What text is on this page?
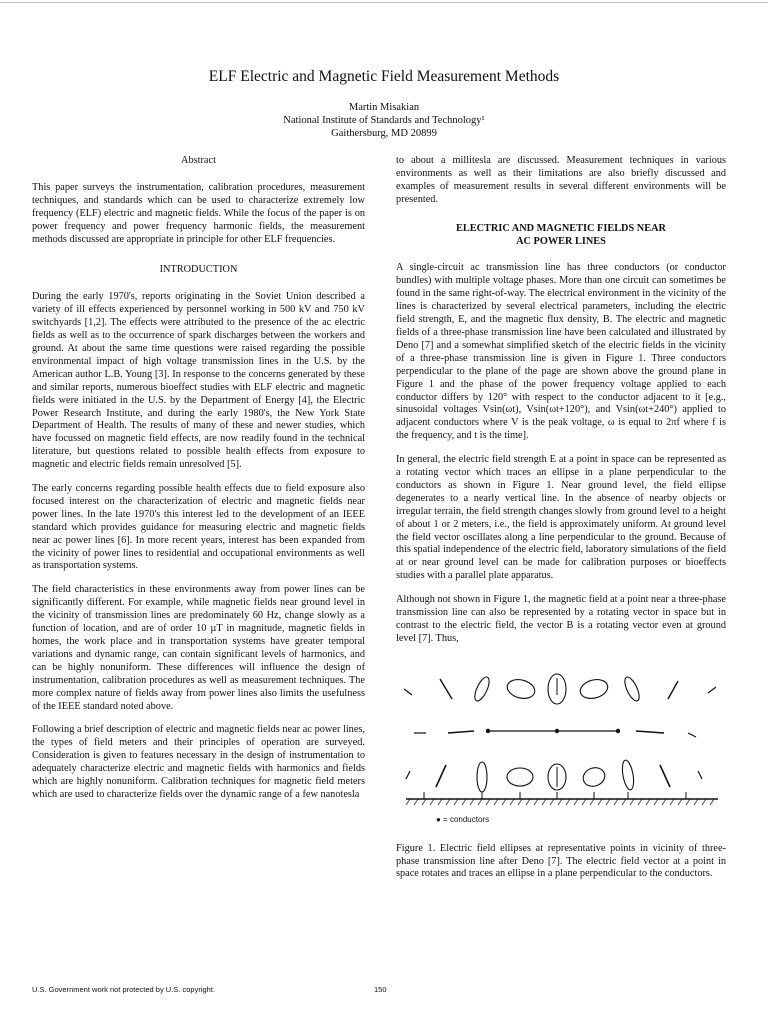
ELF Electric and Magnetic Field Measurement Methods
Martin Misakian
National Institute of Standards and Technology¹
Gaithersburg, MD 20899
Abstract

This paper surveys the instrumentation, calibration procedures, measurement techniques, and standards which can be used to characterize extremely low frequency (ELF) electric and magnetic fields. While the focus of the paper is on power frequency and power frequency harmonic fields, the measurement methods discussed are appropriate in principle for other ELF frequencies.

INTRODUCTION

During the early 1970's, reports originating in the Soviet Union described a variety of ill effects experienced by personnel working in 500 kV and 750 kV switchyards [1,2]. The effects were attributed to the presence of the ac electric fields as well as to the occurrence of spark discharges between the workers and ground. At about the same time questions were raised regarding the possible environmental impact of high voltage transmission lines in the U.S. by the American author L.B. Young [3]. In response to the concerns generated by these and similar reports, numerous bioeffect studies with ELF electric and magnetic fields were initiated in the U.S. by the Department of Energy [4], the Electric Power Research Institute, and during the early 1980's, the New York State Department of Health. The results of many of these and newer studies, which have focussed on magnetic field effects, are now readily found in the technical literature, but questions related to possible health effects from exposure to magnetic and electric fields remain unresolved [5].

The early concerns regarding possible health effects due to field exposure also focused interest on the characterization of electric and magnetic fields near power lines. In the late 1970's this interest led to the development of an IEEE standard which provides guidance for measuring electric and magnetic fields near ac power lines [6]. In more recent years, interest has been expanded from the vicinity of power lines to residential and occupational environments as well as transportation systems.

The field characteristics in these environments away from power lines can be significantly different. For example, while magnetic fields near ground level in the vicinity of transmission lines are predominately 60 Hz, change slowly as a function of location, and are of order 10 µT in magnitude, magnetic fields in homes, the work place and in transportation systems have greater temporal variations and dynamic range, can contain significant levels of harmonics, and can be highly nonuniform. These differences will influence the design of instrumentation, calibration procedures as well as measurement techniques. The more complex nature of fields away from power lines also limits the usefulness of the IEEE standard noted above.

Following a brief description of electric and magnetic fields near ac power lines, the types of field meters and their principles of operation are surveyed. Consideration is given to features necessary in the design of instrumentation to adequately characterize electric and magnetic fields with harmonics and fields which are highly nonuniform. Calibration techniques for magnetic field meters which are used to characterize fields over the dynamic range of a few nanotesla

to about a millitesla are discussed. Measurement techniques in various environments as well as their limitations are also briefly discussed and examples of measurement results in several different environments will be presented.

ELECTRIC AND MAGNETIC FIELDS NEAR
AC POWER LINES

A single-circuit ac transmission line has three conductors (or conductor bundles) with multiple voltage phases. More than one circuit can sometimes be found in the same right-of-way. The electrical environment in the vicinity of the lines is characterized by several electrical parameters, including the electric field strength, E, and the magnetic flux density, B. The electric and magnetic fields of a three-phase transmission line have been calculated and illustrated by Deno [7] and a somewhat simplified sketch of the electric fields in the vicinity of a three-phase transmission line is given in Figure 1. Three conductors perpendicular to the plane of the page are shown above the ground plane in Figure 1 and the phase of the power frequency voltage applied to each conductor differs by 120° with respect to the conductor adjacent to it [e.g., sinusoidal voltages Vsin(ωt), Vsin(ωt+120°), and Vsin(ωt+240°) applied to adjacent conductors where V is the peak voltage, ω is equal to 2πf where f is the frequency, and t is the time].

In general, the electric field strength E at a point in space can be represented as a rotating vector which traces an ellipse in a plane perpendicular to the conductors as shown in Figure 1. Near ground level, the field ellipse degenerates to a nearly vertical line. In the absence of nearby objects or irregular terrain, the field strength changes slowly from ground level to a height of about 1 or 2 meters, i.e., the field is approximately uniform. At ground level the field vector oscillates along a line perpendicular to the ground. Because of this spatial independence of the electric field, laboratory simulations of the field at or near ground level can be made for calibration purposes or bioeffects studies with a parallel plate apparatus.

Although not shown in Figure 1, the magnetic field at a point near a three-phase transmission line can also be represented by a rotating vector in space but in contrast to the electric field, the vector B is a rotating vector even at ground level [7]. Thus,

● = conductors

Figure 1. Electric field ellipses at representative points in vicinity of three-phase transmission line after Deno [7]. The electric field vector at a point in space rotates and traces an ellipse in a plane perpendicular to the conductors.

U.S. Government work not protected by U.S. copyright.	150
